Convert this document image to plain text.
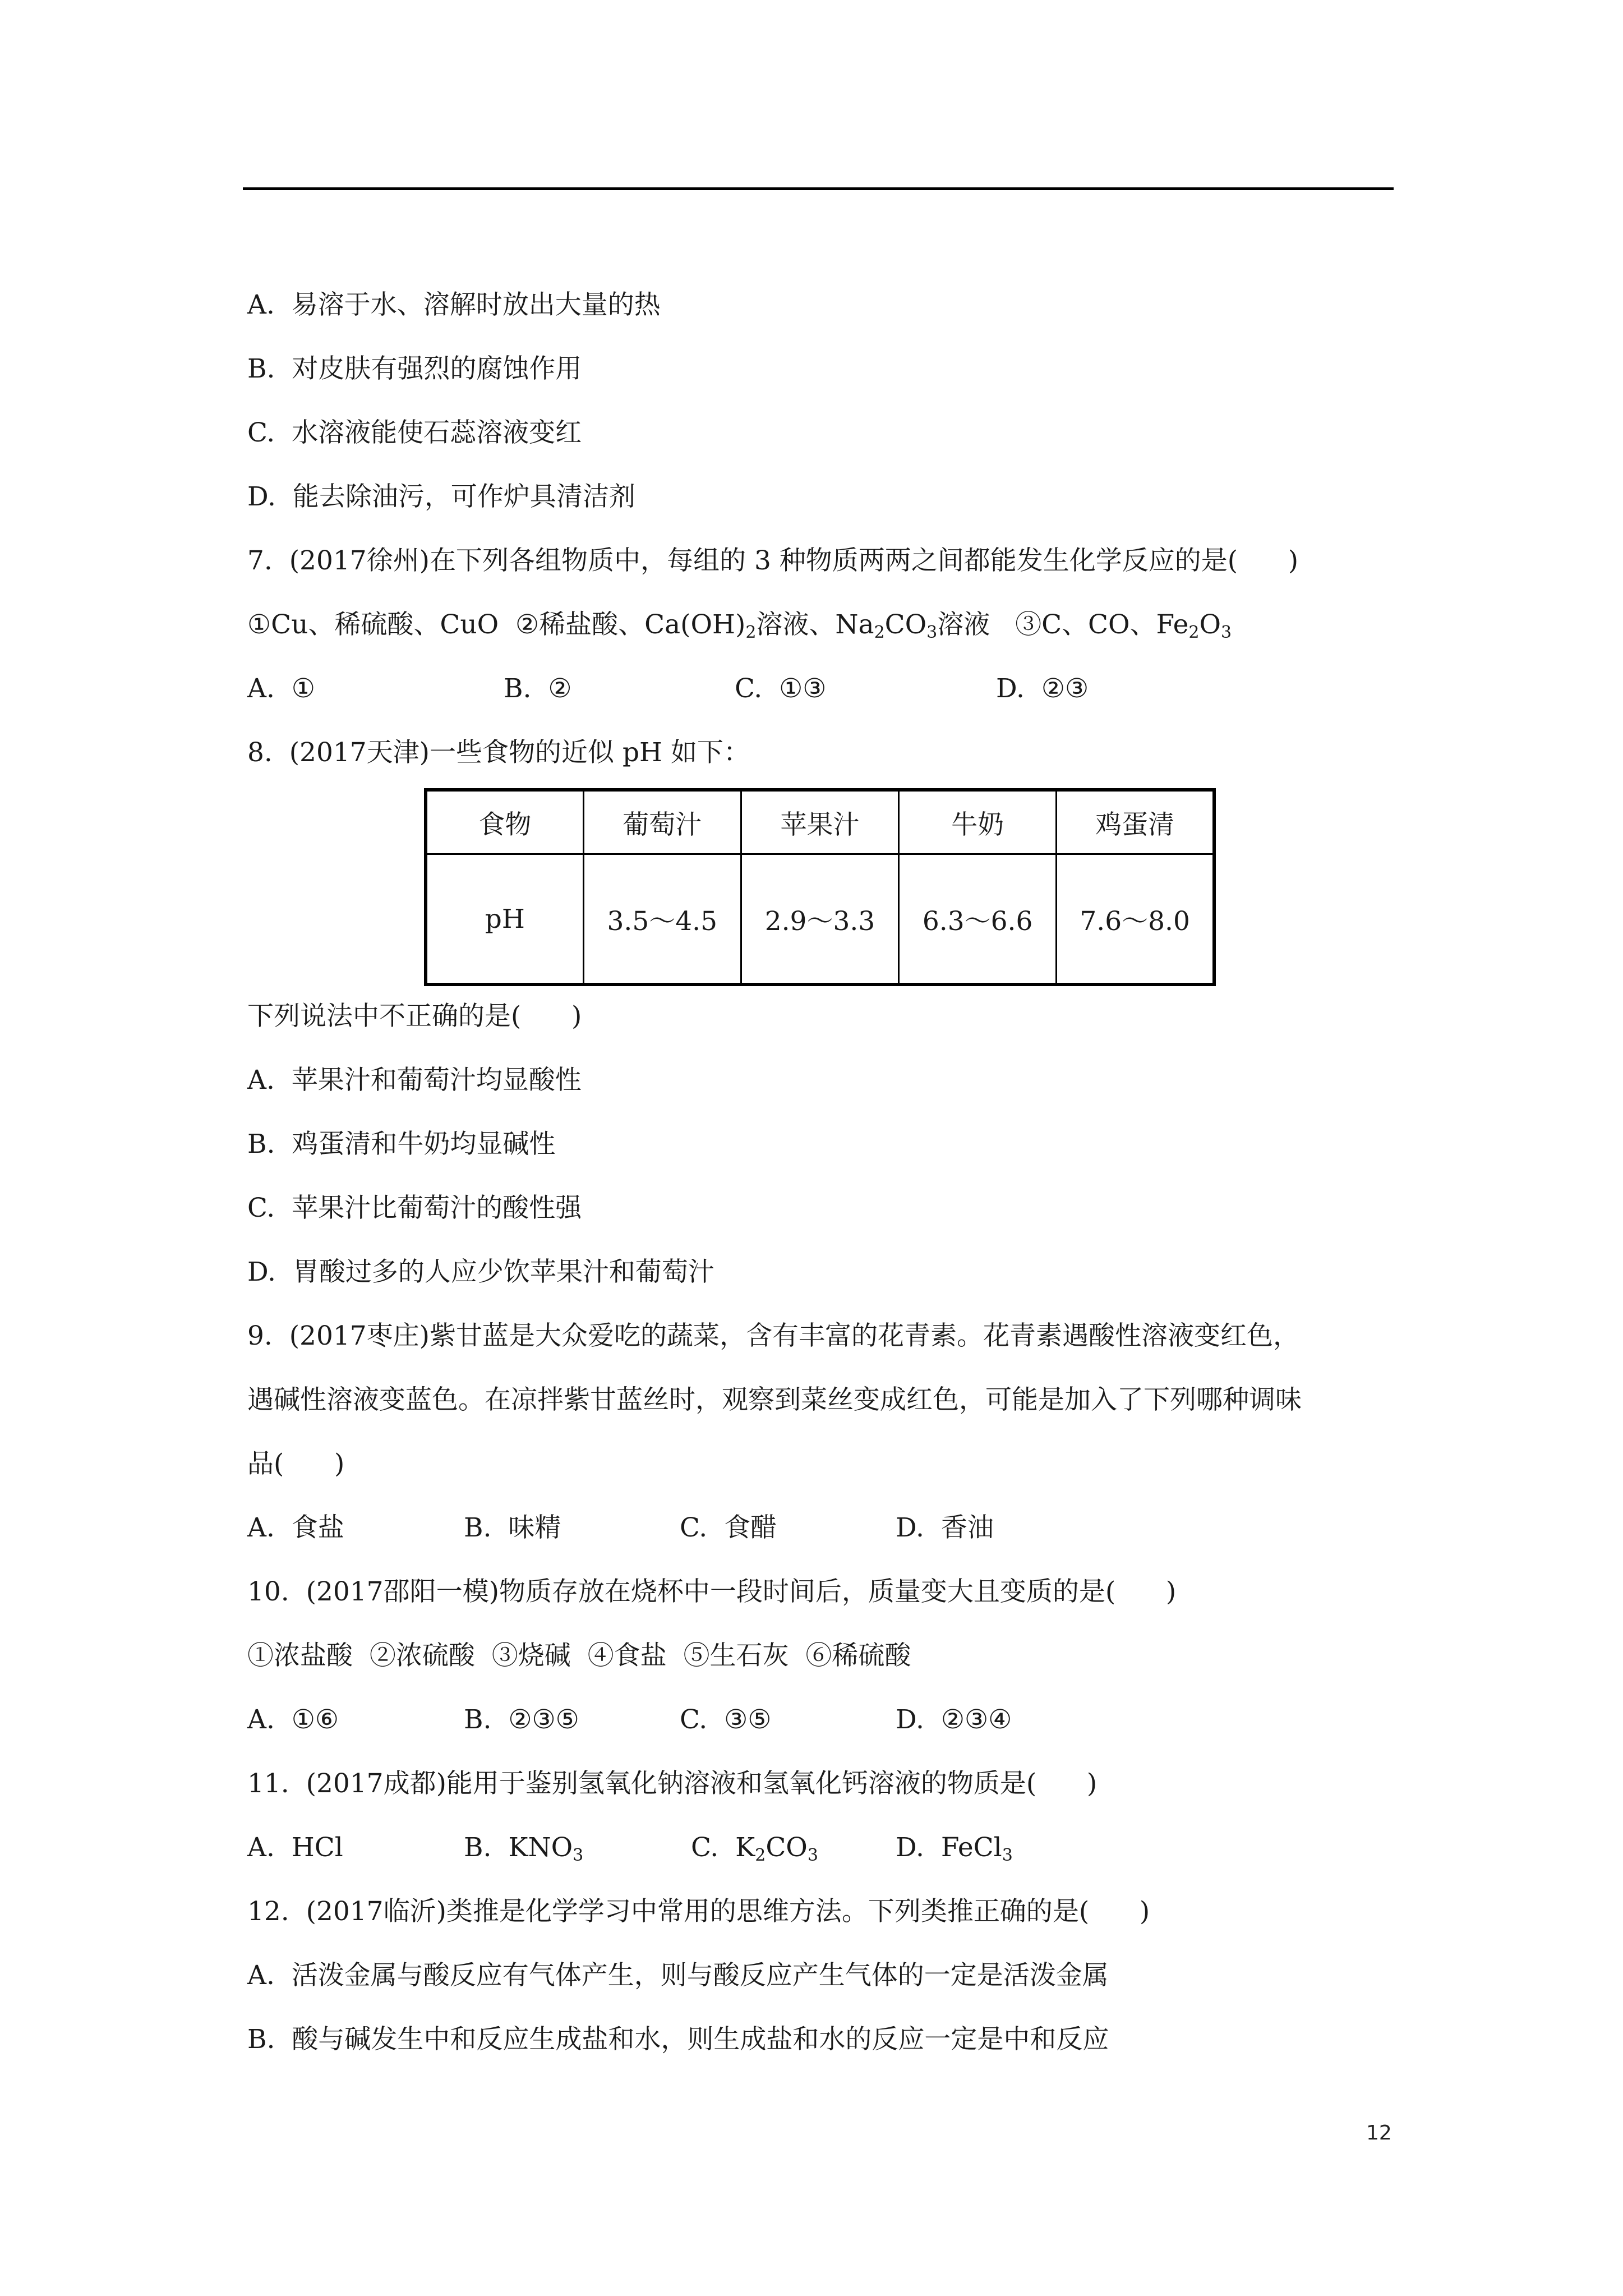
A.  易溶于水、溶解时放出大量的热
B.  对皮肤有强烈的腐蚀作用
C.  水溶液能使石蕊溶液变红
D.  能去除油污，可作炉具清洁剂
7.  (2017徐州)在下列各组物质中，每组的 3 种物质两两之间都能发生化学反应的是(      )
①Cu、稀硫酸、CuO  ②稀盐酸、$Ca(OH)_2$溶液、$Na_2CO_3$溶液   ③C、CO、$Fe_2O_3$
A.  ①	B.  ②	C.  ①③	D.  ②③
8.  (2017天津)一些食物的近似 pH 如下：
食物	葡萄汁	苹果汁	牛奶	鸡蛋清
pH	3.5～4.5	2.9～3.3	6.3～6.6	7.6～8.0
下列说法中不正确的是(      )
A.  苹果汁和葡萄汁均显酸性
B.  鸡蛋清和牛奶均显碱性
C.  苹果汁比葡萄汁的酸性强
D.  胃酸过多的人应少饮苹果汁和葡萄汁
9.  (2017枣庄)紫甘蓝是大众爱吃的蔬菜，含有丰富的花青素。花青素遇酸性溶液变红色，
遇碱性溶液变蓝色。在凉拌紫甘蓝丝时，观察到菜丝变成红色，可能是加入了下列哪种调味
品(      )
A.  食盐	B.  味精	C.  食醋	D.  香油
10.  (2017邵阳一模)物质存放在烧杯中一段时间后，质量变大且变质的是(      )
①浓盐酸  ②浓硫酸  ③烧碱  ④食盐  ⑤生石灰  ⑥稀硫酸
A.  ①⑥	B.  ②③⑤	C.  ③⑤	D.  ②③④
11.  (2017成都)能用于鉴别氢氧化钠溶液和氢氧化钙溶液的物质是(      )
A.  HCl	B.  $KNO_3$	C.  $K_2CO_3$	D.  FeCl$_3$
12.  (2017临沂)类推是化学学习中常用的思维方法。下列类推正确的是(      )
A.  活泼金属与酸反应有气体产生，则与酸反应产生气体的一定是活泼金属
B.  酸与碱发生中和反应生成盐和水，则生成盐和水的反应一定是中和反应
12
